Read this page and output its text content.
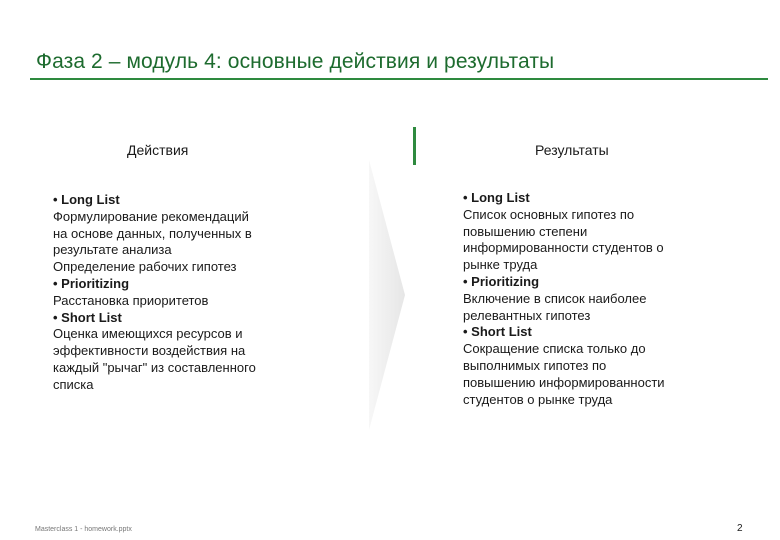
Фаза 2 – модуль 4: основные действия и результаты
Действия	Результаты
• Long List
Формулирование рекомендаций
на основе данных, полученных в
результате анализа
Определение рабочих гипотез
• Prioritizing
Расстановка приоритетов
• Short List
Оценка имеющихся ресурсов и
эффективности воздействия на
каждый "рычаг" из составленного
списка
• Long List
Список основных гипотез по
повышению степени
информированности студентов о
рынке труда
• Prioritizing
Включение в список наиболее
релевантных гипотез
• Short List
Сокращение списка только до
выполнимых гипотез по
повышению информированности
студентов о рынке труда
Masterclass 1 - homework.pptx	2
